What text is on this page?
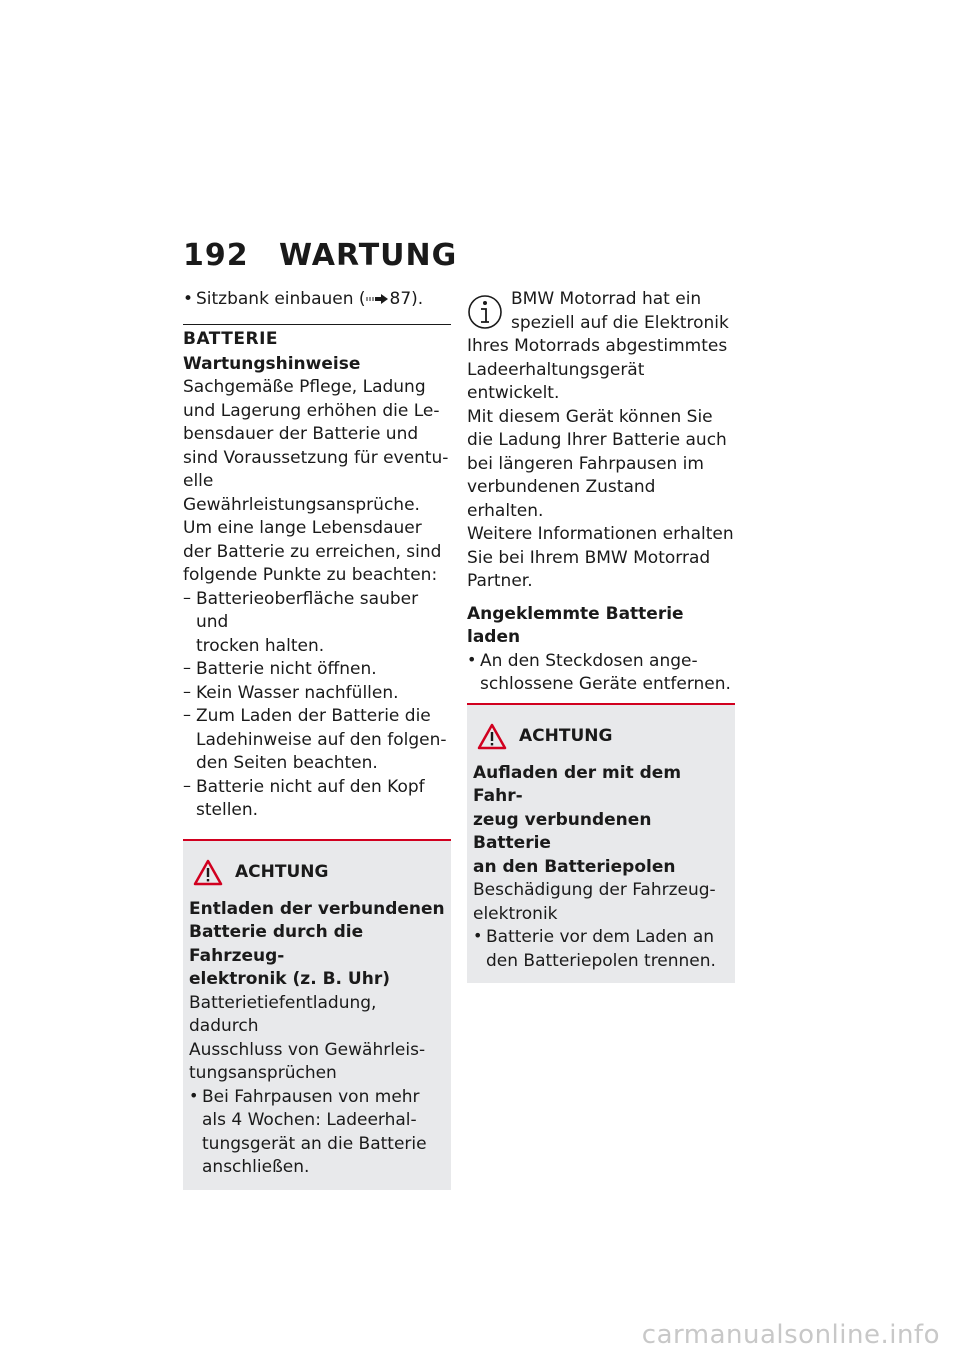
192 WARTUNG

• Sitzbank einbauen ( 87).

BATTERIE

Wartungshinweise

Sachgemäße Pflege, Ladung

und Lagerung erhöhen die Le-

bensdauer der Batterie und

sind Voraussetzung für eventu-

elle Gewährleistungsansprüche.

Um eine lange Lebensdauer

der Batterie zu erreichen, sind

folgende Punkte zu beachten:

– Batterieoberfläche sauber und

trocken halten.

– Batterie nicht öffnen.

– Kein Wasser nachfüllen.

– Zum Laden der Batterie die

Ladehinweise auf den folgen-

den Seiten beachten.

– Batterie nicht auf den Kopf

stellen.

ACHTUNG

Entladen der verbundenen

Batterie durch die Fahrzeug-

elektronik (z. B. Uhr)

Batterietiefentladung, dadurch

Ausschluss von Gewährleis-

tungsansprüchen

• Bei Fahrpausen von mehr

als 4 Wochen: Ladeerhal-

tungsgerät an die Batterie

anschließen.

BMW Motorrad hat ein

speziell auf die Elektronik

Ihres Motorrads abgestimmtes

Ladeerhaltungsgerät entwickelt.

Mit diesem Gerät können Sie

die Ladung Ihrer Batterie auch

bei längeren Fahrpausen im

verbundenen Zustand erhalten.

Weitere Informationen erhalten

Sie bei Ihrem BMW Motorrad

Partner.

Angeklemmte Batterie laden

• An den Steckdosen ange-

schlossene Geräte entfernen.

ACHTUNG

Aufladen der mit dem Fahr-

zeug verbundenen Batterie

an den Batteriepolen

Beschädigung der Fahrzeug-

elektronik

• Batterie vor dem Laden an

den Batteriepolen trennen.

carmanualsonline.info
